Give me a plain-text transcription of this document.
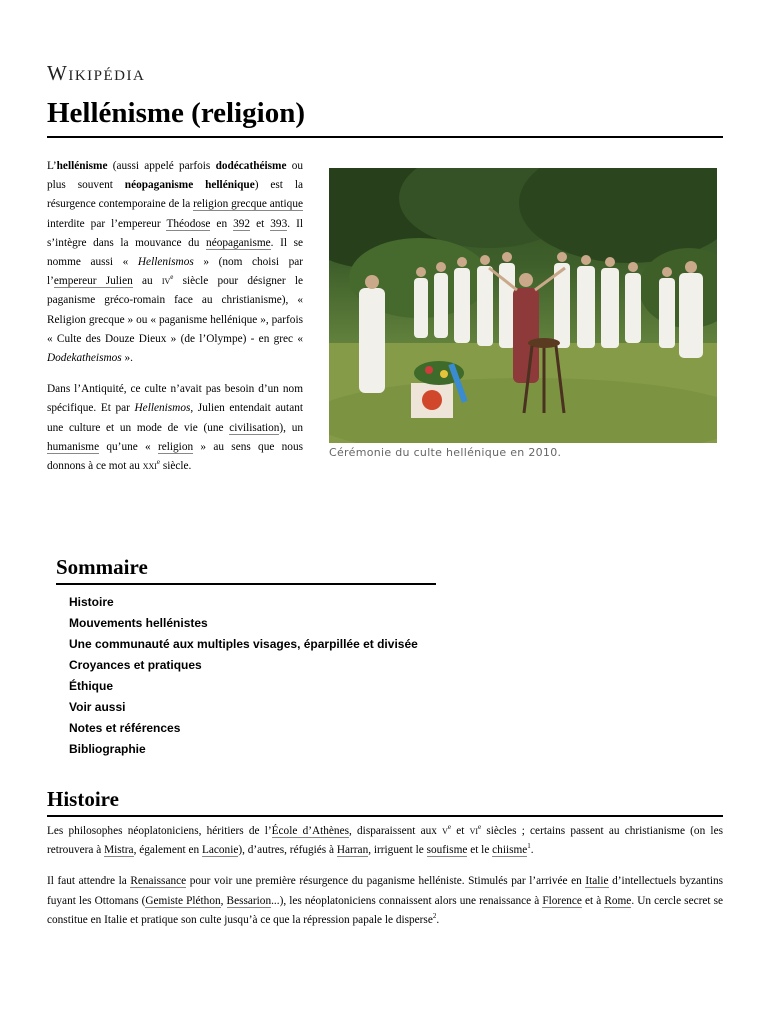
Wikipédia
Hellénisme (religion)

L’hellénisme (aussi appelé parfois dodécathéisme ou plus souvent néopaganisme hellénique) est la résurgence contemporaine de la religion grecque antique interdite par l’empereur Théodose en 392 et 393. Il s’intègre dans la mouvance du néopaganisme. Il se nomme aussi « Hellenismos » (nom choisi par l’empereur Julien au $iv^e$ siècle pour désigner le paganisme gréco-romain face au christianisme), « Religion grecque » ou « paganisme hellénique », parfois « Culte des Douze Dieux » (de l’Olympe) - en grec « Dodekatheismos ».

Dans l’Antiquité, ce culte n’avait pas besoin d’un nom spécifique. Et par Hellenismos, Julien entendait autant une culture et un mode de vie (une civilisation), un humanisme qu’une « religion » au sens que nous donnons à ce mot au xxi$^e$ siècle.

Cérémonie du culte hellénique en 2010.
Sommaire
Histoire
Mouvements hellénistes
Une communauté aux multiples visages, éparpillée et divisée
Croyances et pratiques
Éthique
Voir aussi
Notes et références
Bibliographie
Histoire

Les philosophes néoplatoniciens, héritiers de l’École d’Athènes, disparaissent aux $v^e$ et $vi^e$ siècles ; certains passent au christianisme (on les retrouvera à Mistra, également en Laconie), d’autres, réfugiés à Harran, irriguent le soufisme et le chiisme$^1$.

Il faut attendre la Renaissance pour voir une première résurgence du paganisme helléniste. Stimulés par l’arrivée en Italie d’intellectuels byzantins fuyant les Ottomans (Gemiste Pléthon, Bessarion...), les néoplatoniciens connaissent alors une renaissance à Florence et à Rome. Un cercle secret se constitue en Italie et pratique son culte jusqu’à ce que la répression papale le disperse$^2$.
